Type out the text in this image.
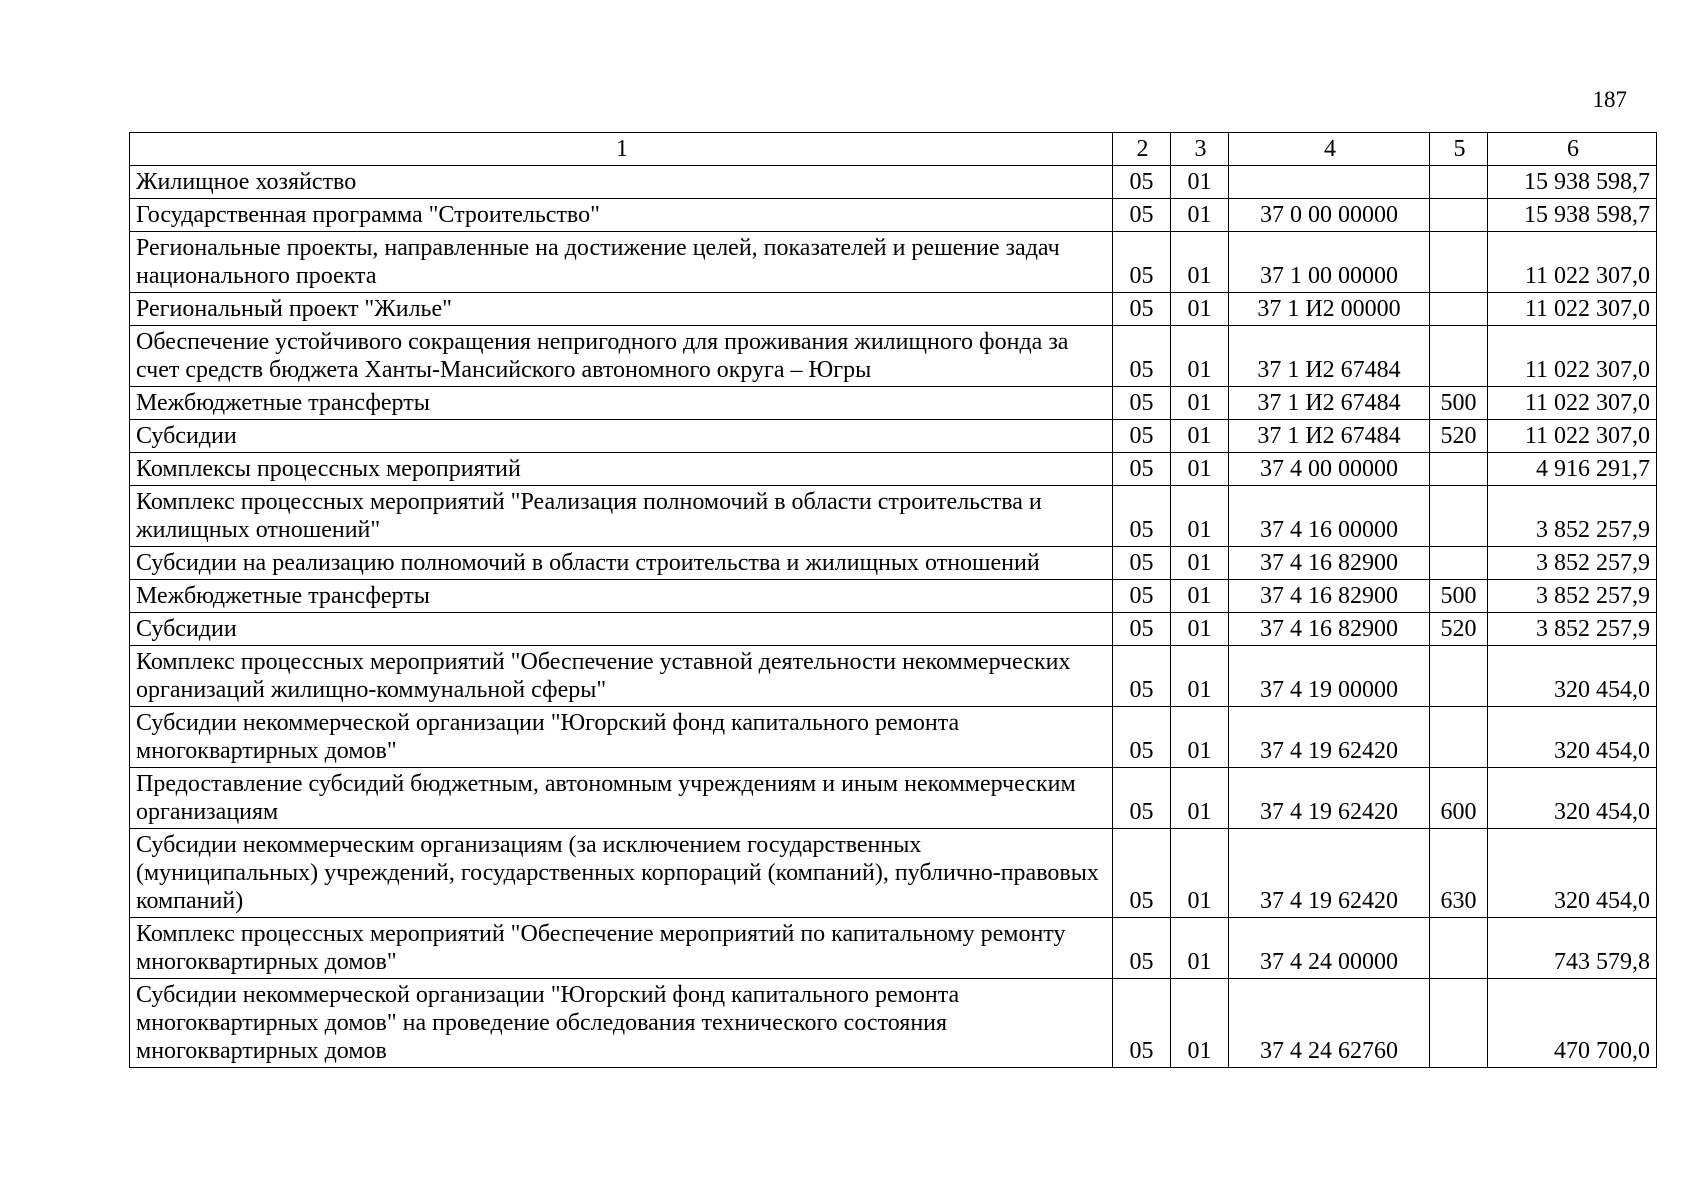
187
1	2	3	4	5	6
Жилищное хозяйство	05	01			15 938 598,7
Государственная программа "Строительство"	05	01	37 0 00 00000		15 938 598,7
Региональные проекты, направленные на достижение целей, показателей и решение задач национального проекта	05	01	37 1 00 00000		11 022 307,0
Региональный проект "Жилье"	05	01	37 1 И2 00000		11 022 307,0
Обеспечение устойчивого сокращения непригодного для проживания жилищного фонда за счет средств бюджета Ханты-Мансийского автономного округа – Югры	05	01	37 1 И2 67484		11 022 307,0
Межбюджетные трансферты	05	01	37 1 И2 67484	500	11 022 307,0
Субсидии	05	01	37 1 И2 67484	520	11 022 307,0
Комплексы процессных мероприятий	05	01	37 4 00 00000		4 916 291,7
Комплекс процессных мероприятий "Реализация полномочий в области строительства и жилищных отношений"	05	01	37 4 16 00000		3 852 257,9
Субсидии на реализацию полномочий в области строительства и жилищных отношений	05	01	37 4 16 82900		3 852 257,9
Межбюджетные трансферты	05	01	37 4 16 82900	500	3 852 257,9
Субсидии	05	01	37 4 16 82900	520	3 852 257,9
Комплекс процессных мероприятий "Обеспечение уставной деятельности некоммерческих организаций жилищно-коммунальной сферы"	05	01	37 4 19 00000		320 454,0
Субсидии некоммерческой организации "Югорский фонд капитального ремонта многоквартирных домов"	05	01	37 4 19 62420		320 454,0
Предоставление субсидий бюджетным, автономным учреждениям и иным некоммерческим организациям	05	01	37 4 19 62420	600	320 454,0
Субсидии некоммерческим организациям (за исключением государственных (муниципальных) учреждений, государственных корпораций (компаний), публично-правовых компаний)	05	01	37 4 19 62420	630	320 454,0
Комплекс процессных мероприятий "Обеспечение мероприятий по капитальному ремонту многоквартирных домов"	05	01	37 4 24 00000		743 579,8
Субсидии некоммерческой организации "Югорский фонд капитального ремонта многоквартирных домов" на проведение обследования технического состояния многоквартирных домов	05	01	37 4 24 62760		470 700,0
